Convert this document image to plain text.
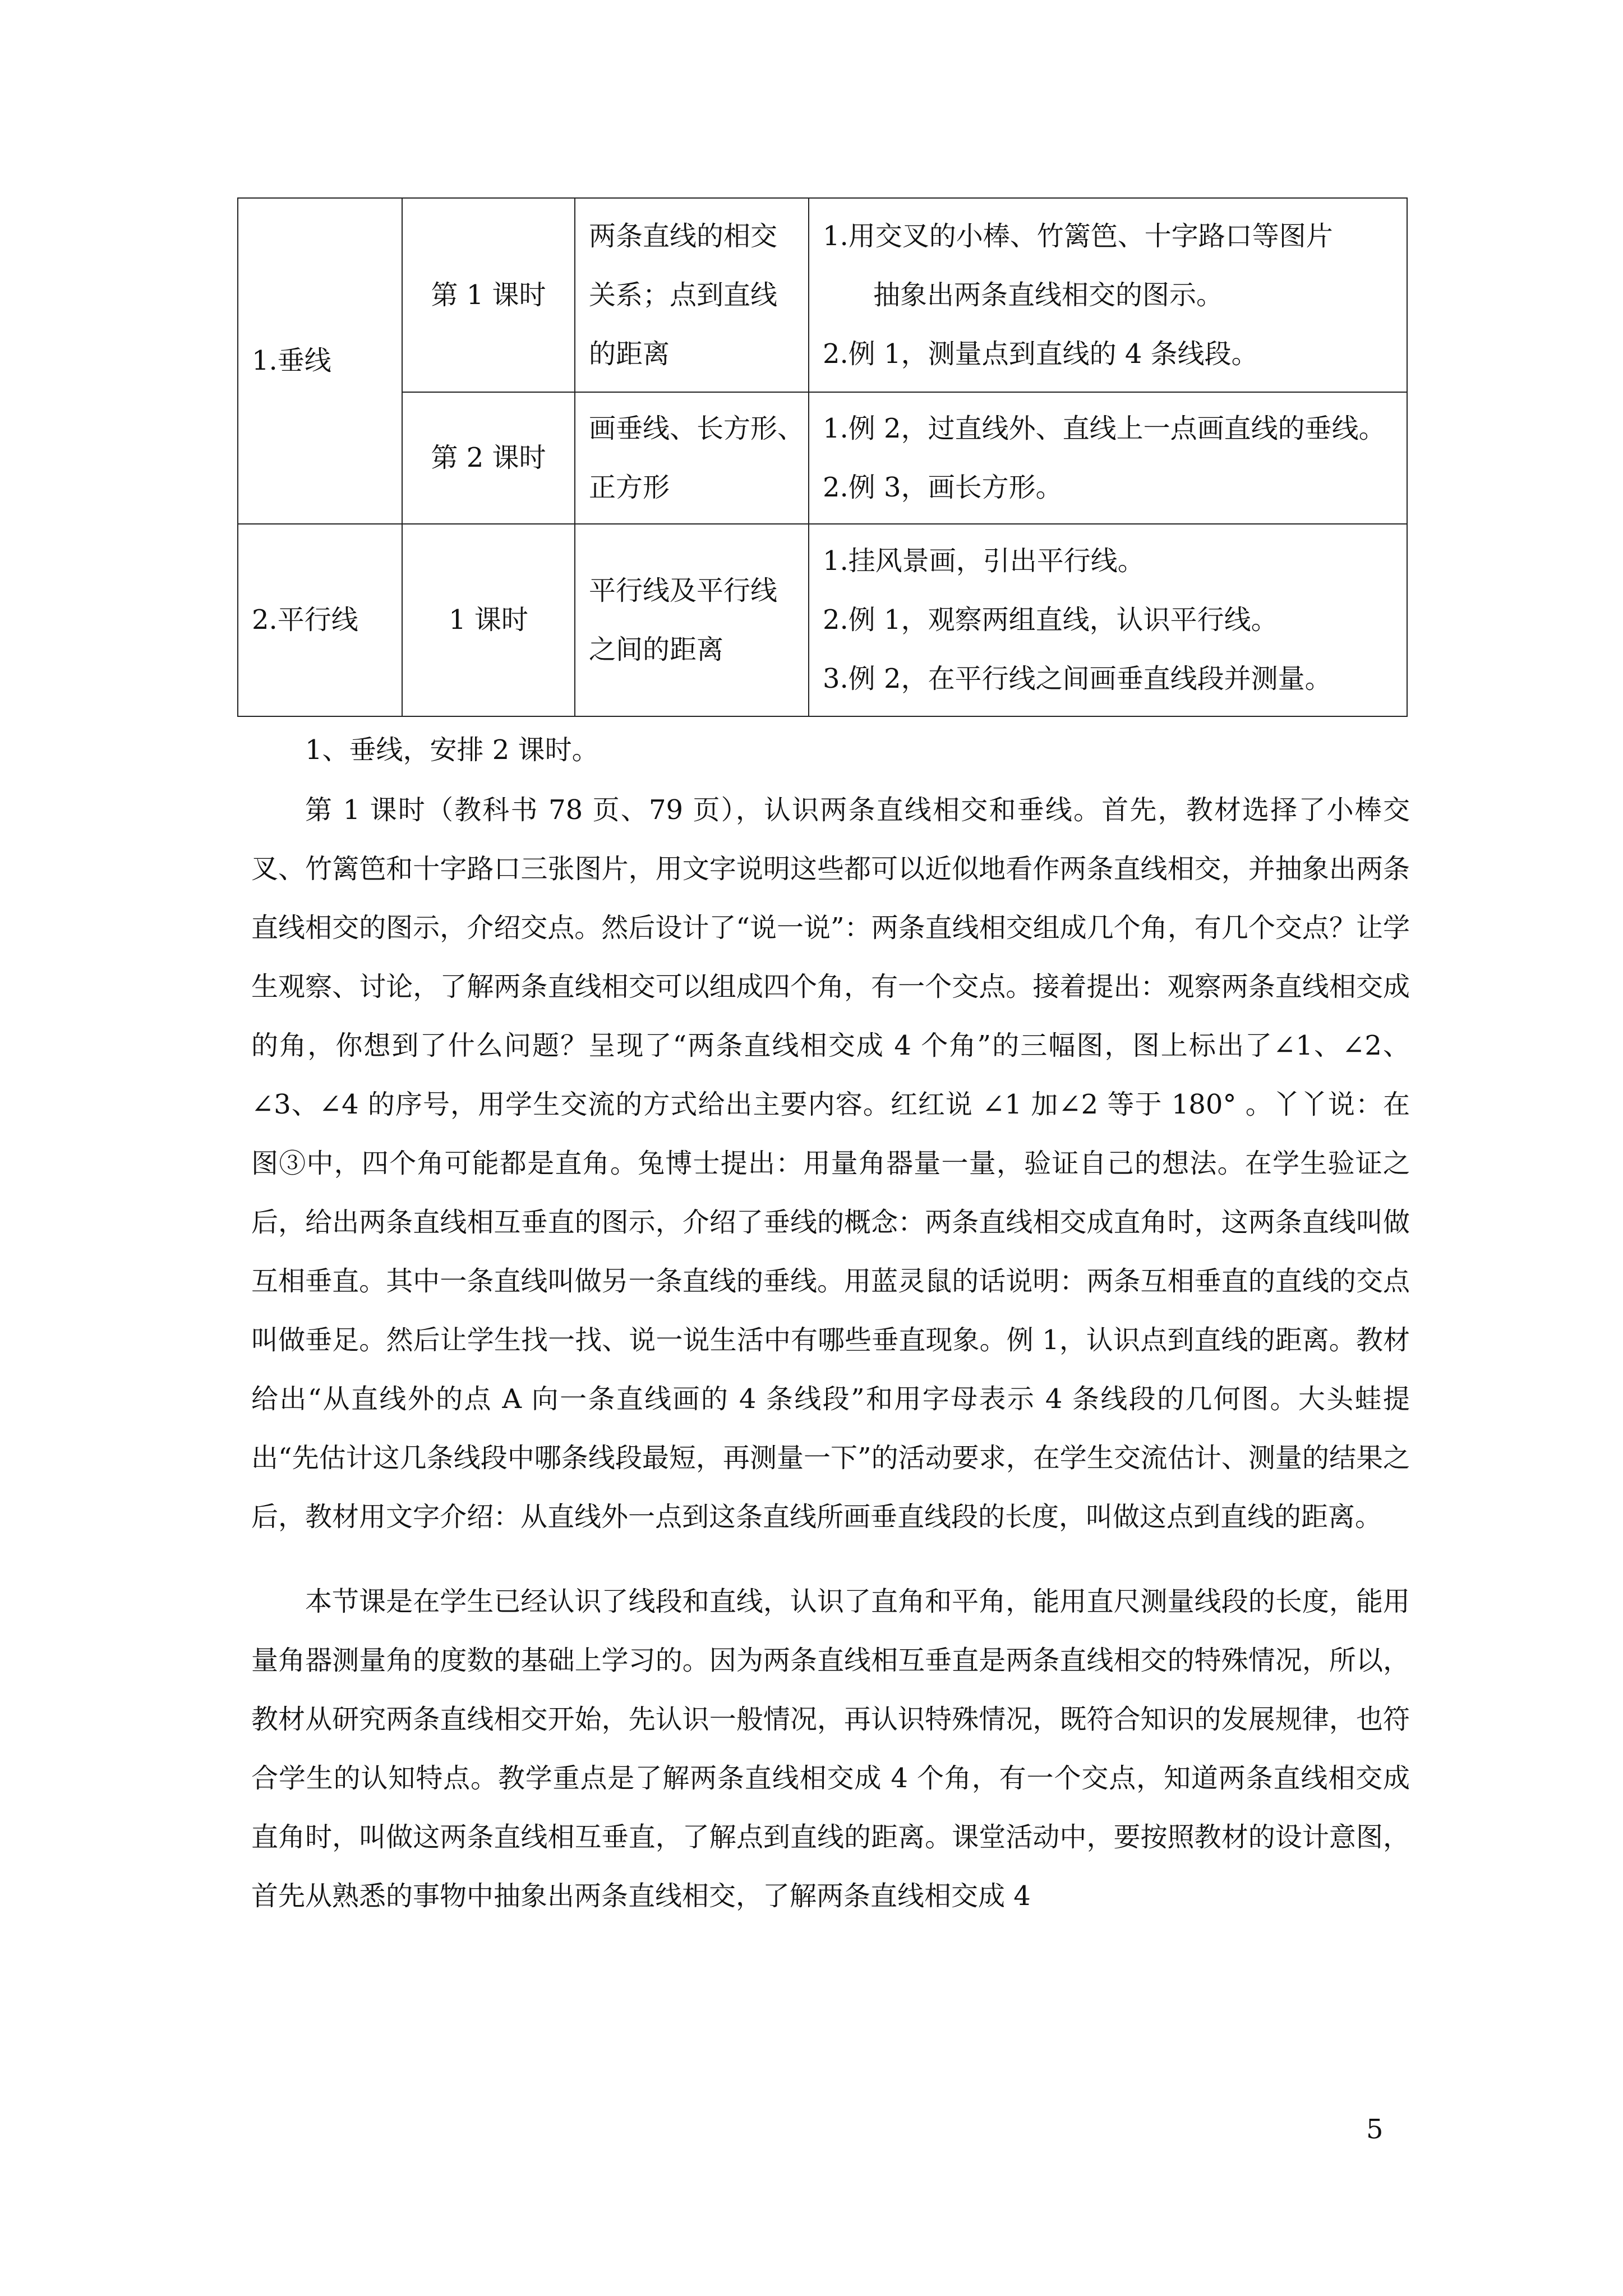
1.垂线	第 1 课时	两条直线的相交
关系；点到直线
的距离	1.用交叉的小棒、竹篱笆、十字路口等图片
抽象出两条直线相交的图示。
2.例 1，测量点到直线的 4 条线段。

	第 2 课时	画垂线、长方形、
正方形	1.例 2，过直线外、直线上一点画直线的垂线。
2.例 3，画长方形。

2.平行线	1 课时	平行线及平行线
之间的距离	1.挂风景画，引出平行线。
2.例 1，观察两组直线，认识平行线。
3.例 2，在平行线之间画垂直线段并测量。

1、垂线，安排 2 课时。

第 1 课时（教科书 78 页、79 页），认识两条直线相交和垂线。首先，教材选择了小棒交叉、竹篱笆和十字路口三张图片，用文字说明这些都可以近似地看作两条直线相交，并抽象出两条直线相交的图示，介绍交点。然后设计了“说一说”：两条直线相交组成几个角，有几个交点？让学生观察、讨论，了解两条直线相交可以组成四个角，有一个交点。接着提出：观察两条直线相交成的角，你想到了什么问题？呈现了“两条直线相交成 4 个角”的三幅图，图上标出了∠1、∠2、∠3、∠4 的序号，用学生交流的方式给出主要内容。红红说 ∠1 加∠2 等于 180° 。丫丫说：在图③中，四个角可能都是直角。兔博士提出：用量角器量一量，验证自己的想法。在学生验证之后，给出两条直线相互垂直的图示，介绍了垂线的概念：两条直线相交成直角时，这两条直线叫做互相垂直。其中一条直线叫做另一条直线的垂线。用蓝灵鼠的话说明：两条互相垂直的直线的交点叫做垂足。然后让学生找一找、说一说生活中有哪些垂直现象。例 1，认识点到直线的距离。教材给出“从直线外的点 A 向一条直线画的 4 条线段”和用字母表示 4 条线段的几何图。大头蛙提出“先估计这几条线段中哪条线段最短，再测量一下”的活动要求，在学生交流估计、测量的结果之后，教材用文字介绍：从直线外一点到这条直线所画垂直线段的长度，叫做这点到直线的距离。

本节课是在学生已经认识了线段和直线，认识了直角和平角，能用直尺测量线段的长度，能用量角器测量角的度数的基础上学习的。因为两条直线相互垂直是两条直线相交的特殊情况，所以，教材从研究两条直线相交开始，先认识一般情况，再认识特殊情况，既符合知识的发展规律，也符合学生的认知特点。教学重点是了解两条直线相交成 4 个角，有一个交点，知道两条直线相交成直角时，叫做这两条直线相互垂直，了解点到直线的距离。课堂活动中，要按照教材的设计意图，首先从熟悉的事物中抽象出两条直线相交，了解两条直线相交成 4

5
